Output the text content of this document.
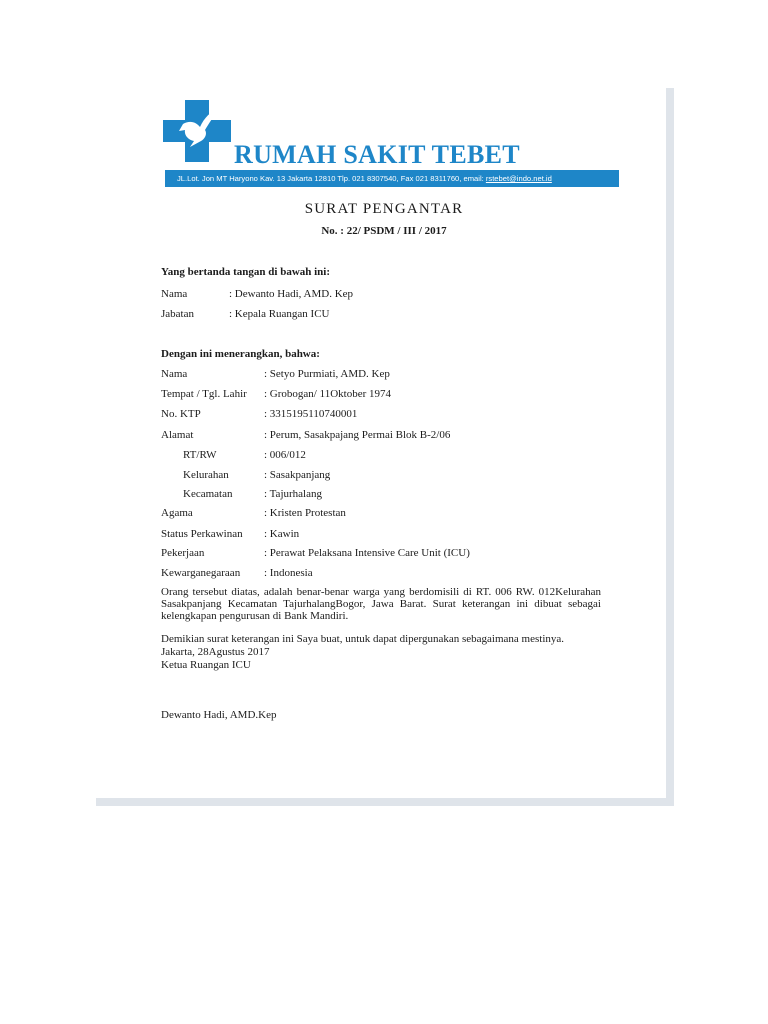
RUMAH SAKIT TEBET
JL.Lot. Jon MT Haryono Kav. 13 Jakarta 12810 Tlp. 021 8307540, Fax 021 8311760, email: rstebet@indo.net.id
SURAT PENGANTAR
No. : 22/ PSDM / III / 2017
Yang bertanda tangan di bawah ini:
Nama	: Dewanto Hadi, AMD. Kep
Jabatan	: Kepala Ruangan ICU
Dengan ini menerangkan, bahwa:
Nama	: Setyo Purmiati, AMD. Kep
Tempat / Tgl. Lahir : Grobogan/ 11Oktober 1974
No. KTP	: 3315195110740001
Alamat	: Perum, Sasakpajang Permai Blok B-2/06
RT/RW	: 006/012
Kelurahan	: Sasakpanjang
Kecamatan	: Tajurhalang
Agama	: Kristen Protestan
Status Perkawinan : Kawin
Pekerjaan	: Perawat Pelaksana Intensive Care Unit (ICU)
Kewarganegaraan : Indonesia
Orang tersebut diatas, adalah benar-benar warga yang berdomisili di RT. 006 RW. 012Kelurahan Sasakpanjang Kecamatan TajurhalangBogor, Jawa Barat. Surat keterangan ini dibuat sebagai kelengkapan pengurusan di Bank Mandiri.
Demikian surat keterangan ini Saya buat, untuk dapat dipergunakan sebagaimana mestinya.
Jakarta, 28Agustus 2017
Ketua Ruangan ICU
Dewanto Hadi, AMD.Kep
